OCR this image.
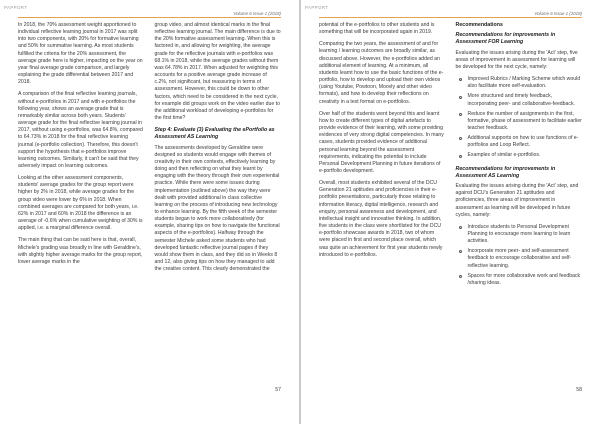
PAPPORT
Volume 6 Issue 1 (2018)

In 2018, the 70% assessment weight apportioned to individual reflective learning journal in 2017 was split into two components, with 20% for formative learning and 50% for summative learning. As most students fulfilled the criteria for the 20% assessment, the average grade here is higher, impacting on the year on year final average grade comparison, and largely explaining the grade differential between 2017 and 2018.

A comparison of the final reflective learning journals, without e-portfolios in 2017 and with e-portfolios the following year, shows an average grade that is remarkably similar across both years. Students' average grade for the final reflective learning journal in 2017, without using e-portfolios, was 64.8%, compared to 64.73% in 2018 for the final reflective learning journal (e-portfolio collection). Therefore, this doesn't support the hypothesis that e-portfolios improve learning outcomes. Similarly, it can't be said that they adversely impact on learning outcomes.

Looking at the other assessment components, students' average grades for the group report were higher by 2% in 2018, while average grades for the group video were lower by 6% in 2018. When combined averages are compared for both years, i.e. 62% in 2017 and 60% in 2018 the difference is an average of -0.6% when cumulative weighting of 30% is applied, i.e. a marginal difference overall.

The main thing that can be said here is that, overall, Michele's grading was broadly in line with Geraldine's, with slightly higher average marks for the group report, lower average marks in the

group video, and almost identical marks in the final reflective learning journal. The main difference is due to the 20% formative assessment learning. When this is factored in, and allowing for weighting, the average grade for the reflective journals with e-portfolios was 68.1% in 2018, while the average grades without them was 64.78% in 2017. When adjusted for weighting this accounts for a positive average grade increase of c.2%, not significant, but reassuring in terms of assessment. However, this could be down to other factors, which need to be considered in the next cycle, for example did groups work on the video earlier due to the additional workload of developing e-portfolios for the first time?

Step 4: Evaluate (3) Evaluating the ePortfolio as Assessment AS Learning

The assessments developed by Geraldine were designed so students would engage with themes of creativity in their own contexts, effectively learning by doing and then reflecting on what they learnt by engaging with the theory through their own experiential practice. While there were some issues during implementation (outlined above) the way they were dealt with provided additional in class collective learning on the process of introducing new technology to enhance learning. By the fifth week of the semester students began to work more collaboratively (for example, sharing tips on how to navigate the functional aspects of the e-portfolios). Halfway through the semester Michele asked some students who had developed fantastic reflective journal pages if they would show them in class, and they did so in Weeks 8 and 12, also giving tips on how they managed to add the creative content. This clearly demonstrated the

57
PAPPORT
Volume 6 Issue 1 (2018)

potential of the e-portfolios to other students and is something that will be incorporated again in 2019.

Comparing the two years, the assessment of and for learning / learning outcomes are broadly similar, as discussed above. However, the e-portfolios added an additional element of learning. At a minimum, all students learnt how to use the basic functions of the e-portfolio, how to develop and upload their own videos (using Youtube, Powtoon, Moovly and other video formats), and how to develop their reflections on creativity in a text format on e-portfolios.

Over half of the students went beyond this and learnt how to create different types of digital artefacts to provide evidence of their learning, with some providing evidences of very strong digital competencies. In many cases, students provided evidence of additional personal learning beyond the assessment requirements, indicating the potential to include Personal Development Planning in future iterations of e-portfolio development.

Overall, most students exhibited several of the DCU Generation 21 aptitudes and proficiencies in their e-portfolio presentations, particularly those relating to information literacy, digital intelligence, research and enquiry, personal awareness and development, and intellectual insight and innovative thinking. In addition, five students in the class were shortlisted for the DCU e-portfolio showcase awards in 2018, two of whom were placed in first and second place overall, which was quite an achievement for first year students newly introduced to e-portfolios.

Recommendations
Recommendations for improvements in Assessment FOR Learning

Evaluating the issues arising during the 'Act' step, five areas of improvement in assessment for learning will be developed for the next cycle, namely:

Improved Rubrics / Marking Scheme which would also facilitate more self-evaluation.
More structured and timely feedback, incorporating peer- and collaborative-feedback.
Reduce the number of assignments in the first, formative, phase of assessment to facilitate earlier teacher feedback.
Additional supports on how to use functions of e-portfolios and Loop Reflect.
Examples of similar e-portfolios.
Recommendations for improvements in Assessment AS Learning

Evaluating the issues arising during the 'Act' step, and against DCU's Generation 21 aptitudes and proficiencies, three areas of improvement in assessment as learning will be developed in future cycles, namely:

Introduce students to Personal Development Planning to encourage more learning to learn activities.
Incorporate more peer- and self-assessment feedback to encourage collaborative and self-reflective learning.
Spaces for more collaborative work and feedback /sharing ideas.
58
